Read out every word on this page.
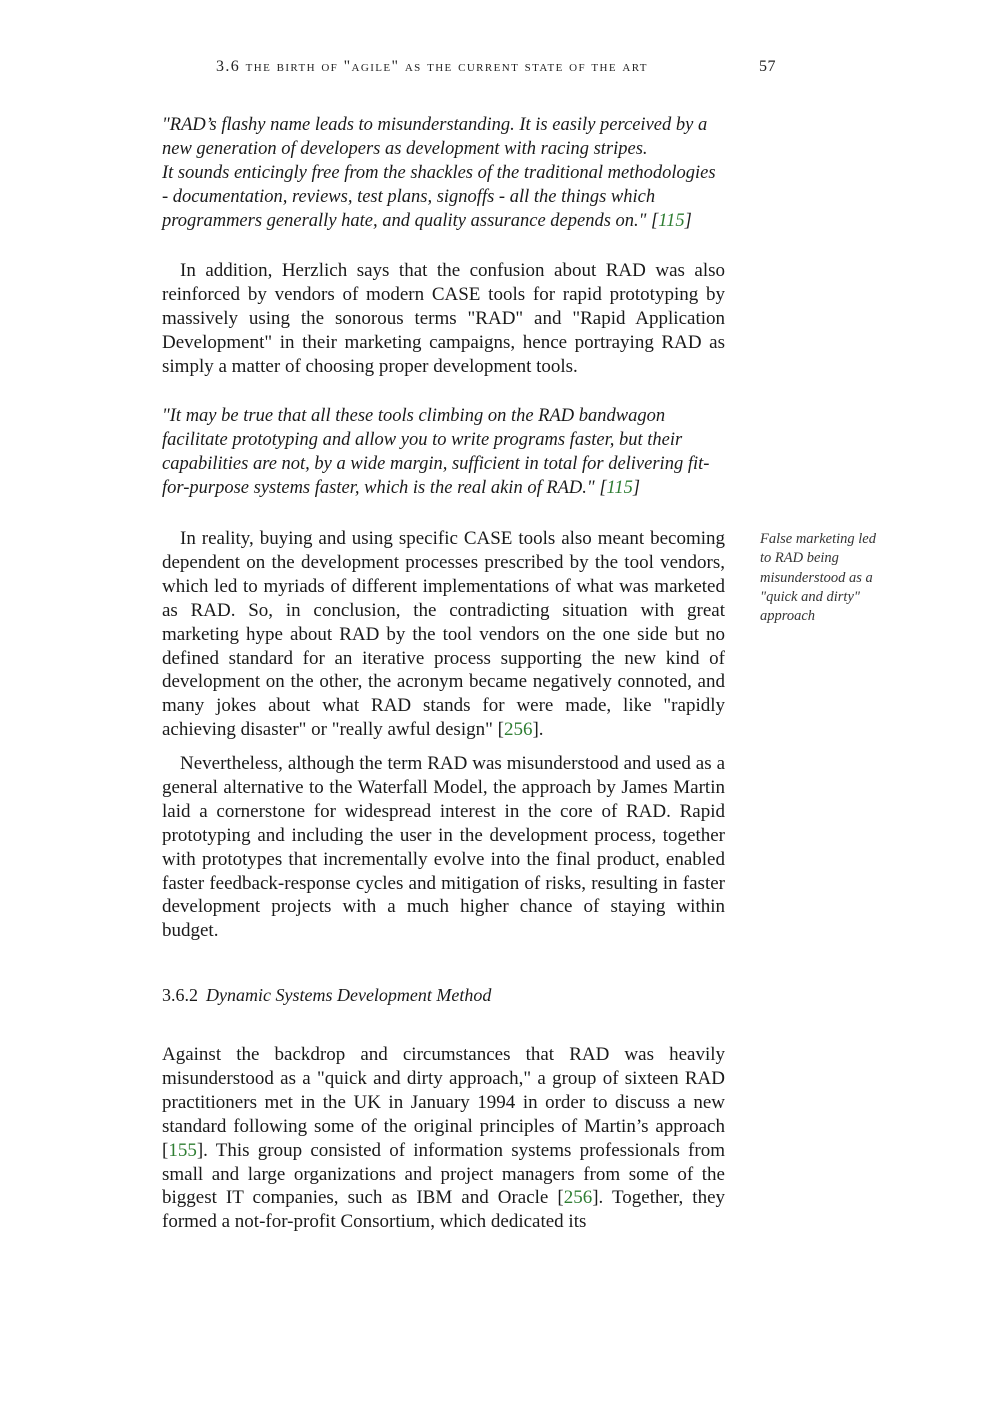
3.6 the birth of "agile" as the current state of the art	57
"RAD’s flashy name leads to misunderstanding. It is easily perceived by a new generation of developers as development with racing stripes.
It sounds enticingly free from the shackles of the traditional methodologies - documentation, reviews, test plans, signoffs - all the things which programmers generally hate, and quality assurance depends on." [115]

In addition, Herzlich says that the confusion about RAD was also reinforced by vendors of modern CASE tools for rapid prototyping by massively using the sonorous terms "RAD" and "Rapid Application Development" in their marketing campaigns, hence portraying RAD as simply a matter of choosing proper development tools.

"It may be true that all these tools climbing on the RAD bandwagon facilitate prototyping and allow you to write programs faster, but their capabilities are not, by a wide margin, sufficient in total for delivering fit-for-purpose systems faster, which is the real akin of RAD." [115]

In reality, buying and using specific CASE tools also meant becoming dependent on the development processes prescribed by the tool vendors, which led to myriads of different implementations of what was marketed as RAD. So, in conclusion, the contradicting situation with great marketing hype about RAD by the tool vendors on the one side but no defined standard for an iterative process supporting the new kind of development on the other, the acronym became negatively connoted, and many jokes about what RAD stands for were made, like "rapidly achieving disaster" or "really awful design" [256].

False marketing led to RAD being misunderstood as a "quick and dirty" approach

Nevertheless, although the term RAD was misunderstood and used as a general alternative to the Waterfall Model, the approach by James Martin laid a cornerstone for widespread interest in the core of RAD. Rapid prototyping and including the user in the development process, together with prototypes that incrementally evolve into the final product, enabled faster feedback-response cycles and mitigation of risks, resulting in faster development projects with a much higher chance of staying within budget.

3.6.2 Dynamic Systems Development Method

Against the backdrop and circumstances that RAD was heavily misunderstood as a "quick and dirty approach," a group of sixteen RAD practitioners met in the UK in January 1994 in order to discuss a new standard following some of the original principles of Martin’s approach [155]. This group consisted of information systems professionals from small and large organizations and project managers from some of the biggest IT companies, such as IBM and Oracle [256]. Together, they formed a not-for-profit Consortium, which dedicated its
